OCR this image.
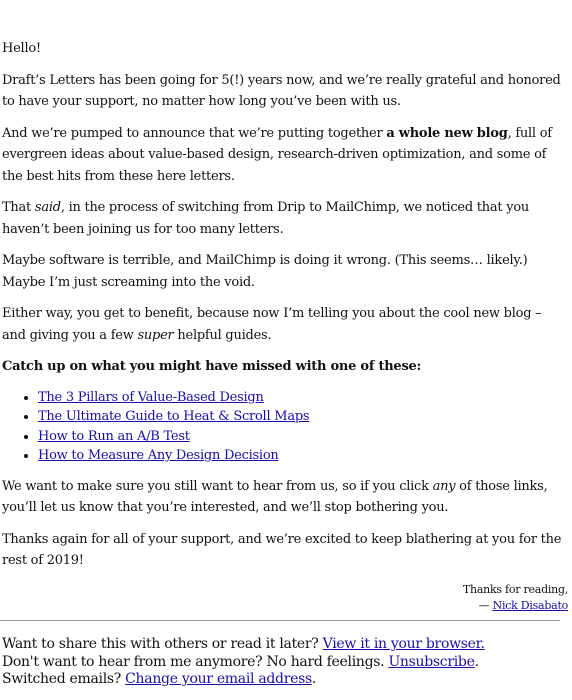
Hello!

Draft’s Letters has been going for 5(!) years now, and we’re really grateful and honored to have your support, no matter how long you’ve been with us.

And we’re pumped to announce that we’re putting together a whole new blog, full of evergreen ideas about value-based design, research-driven optimization, and some of the best hits from these here letters.

That said, in the process of switching from Drip to MailChimp, we noticed that you haven’t been joining us for too many letters.

Maybe software is terrible, and MailChimp is doing it wrong. (This seems… likely.) Maybe I’m just screaming into the void.

Either way, you get to benefit, because now I’m telling you about the cool new blog – and giving you a few super helpful guides.

Catch up on what you might have missed with one of these:

• The 3 Pillars of Value-Based Design
• The Ultimate Guide to Heat & Scroll Maps
• How to Run an A/B Test
• How to Measure Any Design Decision

We want to make sure you still want to hear from us, so if you click any of those links, you’ll let us know that you’re interested, and we’ll stop bothering you.

Thanks again for all of your support, and we’re excited to keep blathering at you for the rest of 2019!

Thanks for reading,
— Nick Disabato
Want to share this with others or read it later? View it in your browser.
Don't want to hear from me anymore? No hard feelings. Unsubscribe.
Switched emails? Change your email address.
